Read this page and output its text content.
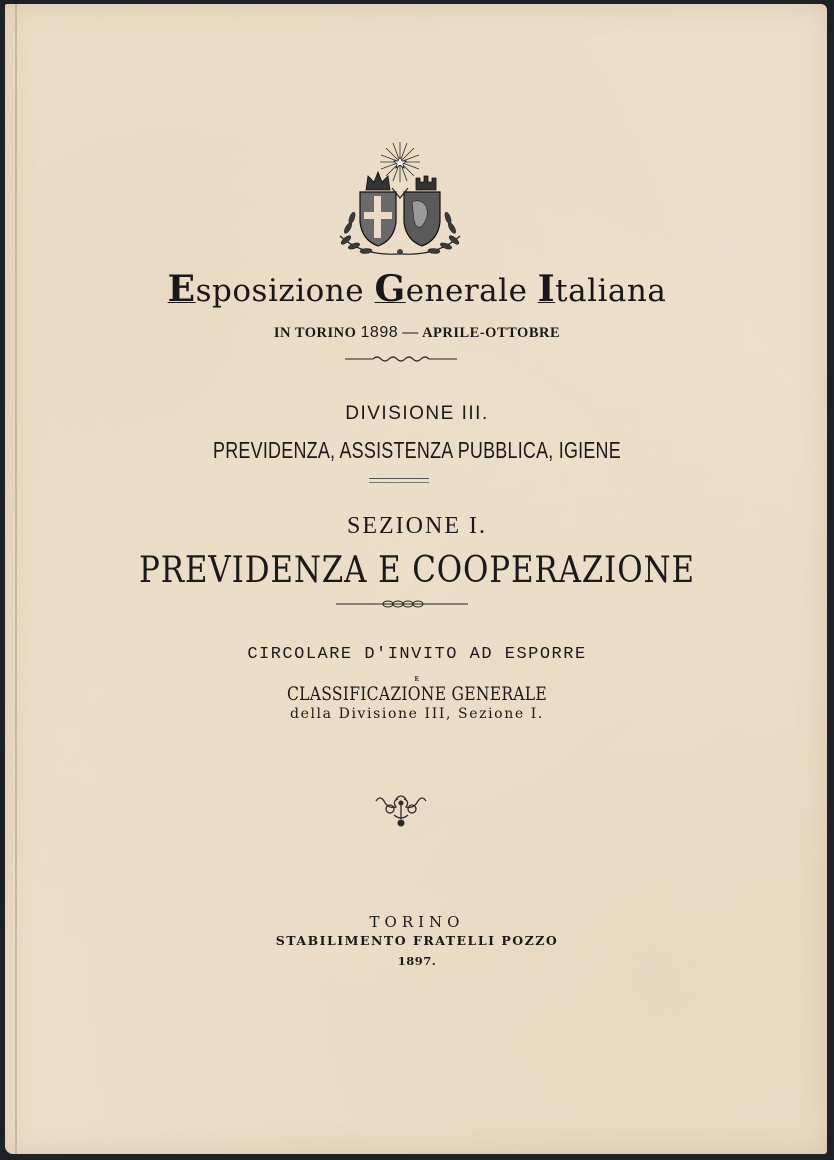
Esposizione Generale Italiana
IN TORINO 1898 — APRILE-OTTOBRE
DIVISIONE III.
PREVIDENZA, ASSISTENZA PUBBLICA, IGIENE
SEZIONE I.
PREVIDENZA E COOPERAZIONE
CIRCOLARE D'INVITO AD ESPORRE
E
CLASSIFICAZIONE GENERALE
della Divisione III, Sezione I.
TORINO
STABILIMENTO FRATELLI POZZO
1897.
